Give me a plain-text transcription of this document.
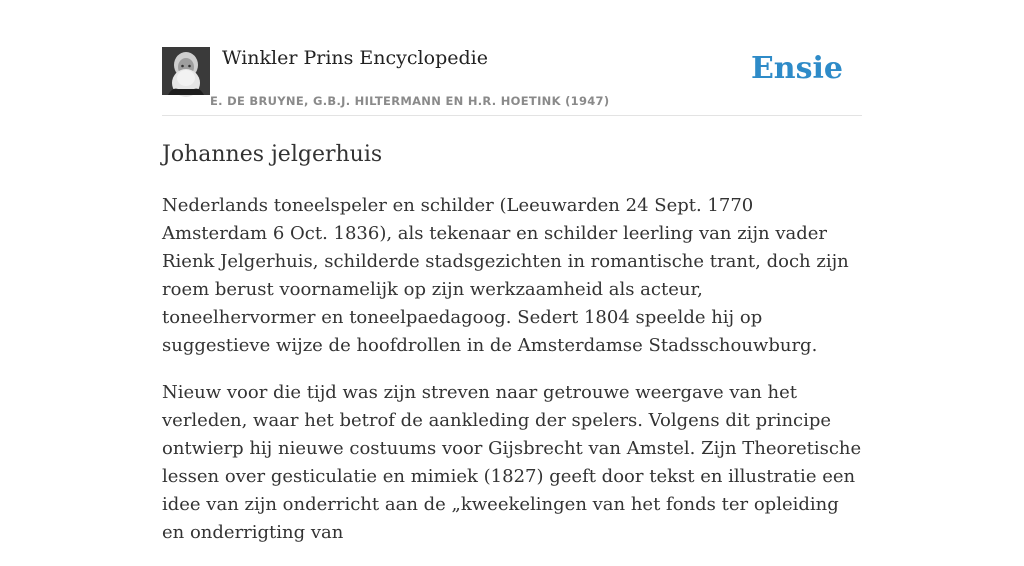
Winkler Prins Encyclopedie
E. DE BRUYNE, G.B.J. HILTERMANN EN H.R. HOETINK (1947)
Ensie
Johannes jelgerhuis

Nederlands toneelspeler en schilder (Leeuwarden 24 Sept. 1770 Amsterdam 6 Oct. 1836), als tekenaar en schilder leerling van zijn vader Rienk Jelgerhuis, schilderde stadsgezichten in romantische trant, doch zijn roem berust voornamelijk op zijn werkzaamheid als acteur, toneelhervormer en toneelpaedagoog. Sedert 1804 speelde hij op suggestieve wijze de hoofdrollen in de Amsterdamse Stadsschouwburg.

Nieuw voor die tijd was zijn streven naar getrouwe weergave van het verleden, waar het betrof de aankleding der spelers. Volgens dit principe ontwierp hij nieuwe costuums voor Gijsbrecht van Amstel. Zijn Theoretische lessen over gesticulatie en mimiek (1827) geeft door tekst en illustratie een idee van zijn onderricht aan de „kweekelingen van het fonds ter opleiding en onderrigting van
